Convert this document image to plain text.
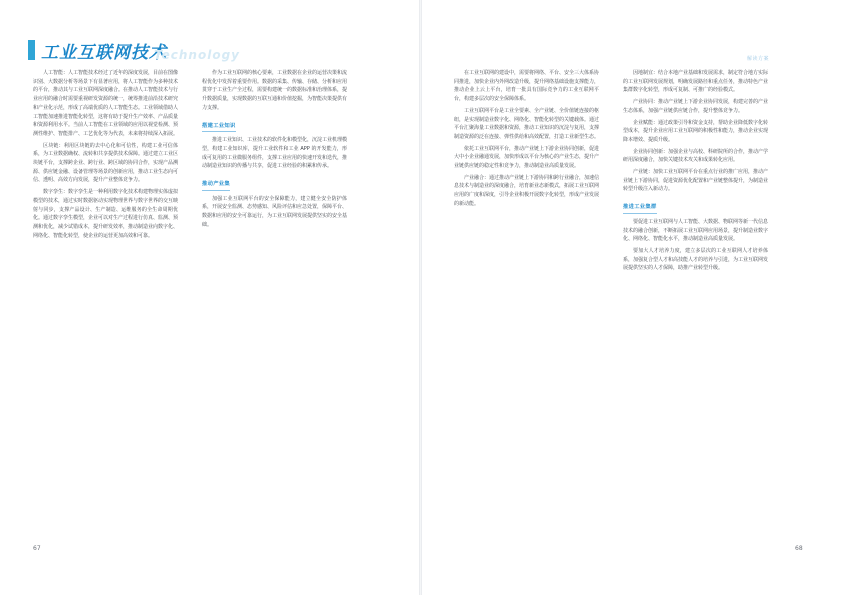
工业互联网技术
Technology	解读方案

人工智能：人工智能技术经过了近年的深度发展，目前在图像识别、大数据分析等场景下有显著应用，将人工智能作为多种技术的平台，推动其与工业互联网深度融合。在推动人工智能技术与行业应用的融合时需要重视研发资源的统一，统筹推进前沿技术研究和产业化示范，形成了高端优质的人工智能生态。工业领域借助人工智能加速推进智能化转型，这将有助于提升生产效率、产品质量和资源利用水平。当前人工智能在工业领域的应用以视觉检测、预测性维护、智能排产、工艺优化等为代表，未来将持续深入拓展。

区块链：利用区块链的去中心化和可信性，构建工业可信体系，为工业数据确权、流转和共享提供技术保障。通过建立工业区块链平台，支撑跨企业、跨行业、跨区域的协同合作，实现产品溯源、供应链金融、设备管理等场景的创新应用，推动工业生态向可信、透明、高效方向发展，提升产业整体竞争力。

数字孪生：数字孪生是一种利用数字化技术构建物理实体虚拟模型的技术，通过实时数据驱动实现物理世界与数字世界的交互映射与同步，支撑产品设计、生产制造、运维服务的全生命周期优化。通过数字孪生模型，企业可以对生产过程进行仿真、监测、预测和优化，减少试错成本，提升研发效率，推动制造业向数字化、网络化、智能化转型，使企业的运营更加高效和可靠。

作为工业互联网的核心要素，工业数据在企业的运营决策和流程优化中发挥着重要作用。数据的采集、传输、存储、分析和应用贯穿于工业生产全过程，需要构建统一的数据标准和治理体系，提升数据质量，实现数据的互联互通和价值挖掘，为智能决策提供有力支撑。

搭建工业知识

推进工业知识、工业技术的软件化和模型化，沉淀工业机理模型，构建工业知识库，提升工业软件和工业 APP 的开发能力，形成可复用的工业微服务组件，支撑工业应用的快速开发和迭代，推动制造业知识的传播与共享，促进工业经验的积累和传承。

推动产业集

加强工业互联网平台的安全保障能力，建立健全安全防护体系，开展安全监测、态势感知、风险评估和应急处置，保障平台、数据和应用的安全可靠运行，为工业互联网发展提供坚实的安全基础。

在工业互联网的建设中，需要将网络、平台、安全三大体系协同推进，加快企业内外网改造升级，提升网络基础设施支撑能力，推动企业上云上平台，培育一批具有国际竞争力的工业互联网平台，构建多层次的安全保障体系。

工业互联网平台是工业全要素、全产业链、全价值链连接的枢纽，是实现制造业数字化、网络化、智能化转型的关键载体。通过平台汇聚海量工业数据和资源，推动工业知识的沉淀与复用，支撑制造资源的泛在连接、弹性供给和高效配置，打造工业新型生态。

依托工业互联网平台，推动产业链上下游企业协同创新，促进大中小企业融通发展，加快形成以平台为核心的产业生态，提升产业链供应链的稳定性和竞争力，推动制造业高质量发展。

产业融合：通过推动产业链上下游协同和跨行业融合，加速信息技术与制造业的深度融合，培育新业态新模式，拓展工业互联网应用的广度和深度，引导企业积极开展数字化转型，形成产业发展的新动能。

因地制宜：结合本地产业基础和发展需求，制定符合地方实际的工业互联网发展规划，明确发展路径和重点任务，推动特色产业集群数字化转型，形成可复制、可推广的经验模式。

产业协同：推动产业链上下游企业协同发展，构建完善的产业生态体系，加强产业链供应链合作，提升整体竞争力。

企业赋能：通过政策引导和资金支持，帮助企业降低数字化转型成本，提升企业应用工业互联网的积极性和能力，推动企业实现降本增效、提质升级。

企业协同创新：加强企业与高校、科研院所的合作，推动产学研用深度融合，加快关键技术攻关和成果转化应用。

产业链：加快工业互联网平台在重点行业的推广应用，推动产业链上下游协同，促进资源优化配置和产业链整体提升，为制造业转型升级注入新动力。

推进工业集群

要促进工业互联网与人工智能、大数据、物联网等新一代信息技术的融合创新，不断拓展工业互联网应用场景，提升制造业数字化、网络化、智能化水平，推动制造业高质量发展。

要加大人才培养力度，建立多层次的工业互联网人才培养体系，加强复合型人才和高技能人才的培养与引进，为工业互联网发展提供坚实的人才保障，助推产业转型升级。

67	68
